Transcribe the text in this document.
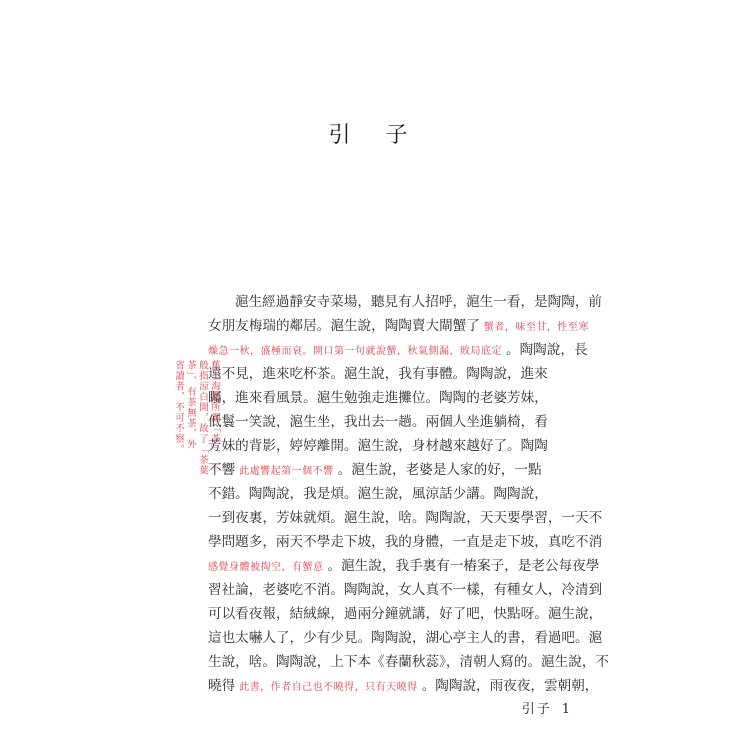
引 子
滬生經過靜安寺菜場，聽見有人招呼，滬生一看，是陶陶，前
女朋友梅瑞的鄰居。滬生說，陶陶賣大閘蟹了 蟹者，味至甘，性至寒
燥急一秋，盛極而衰。開口第一句就說蟹，秋氣側漏，敗局底定 。陶陶說，長
遠不見，進來吃杯茶。滬生說，我有事體。陶陶說，進來
矚，進來看風景。滬生勉強走進攤位。陶陶的老婆芳妹，
低鬟一笑說，滬生坐，我出去一趟。兩個人坐進躺椅，看
芳妹的背影，婷婷離開。滬生說，身材越來越好了。陶陶
不響 此處響起第一個不響 。滬生說，老婆是人家的好，一點
不錯。陶陶說，我是煩。滬生說，風涼話少講。陶陶說，
一到夜裏，芳妹就煩。滬生說，啥。陶陶說，天天要學習，一天不
學問題多，兩天不學走下坡，我的身體，一直是走下坡，真吃不消
感覺身體被掏空，有蟹意 。滬生說，我手裏有一樁案子，是老公每夜學
習社論，老婆吃不消。陶陶說，女人真不一樣，有種女人，冷清到
可以看夜報，結絨線，過兩分鐘就講，好了吧，快點呀。滬生說，
這也太嚇人了，少有少見。陶陶說，湖心亭主人的書，看過吧。滬
生說，啥。陶陶說，上下本《春蘭秋蕊》，清朝人寫的。滬生說，不
曉得 此書，作者自己也不曉得，只有天曉得 。陶陶說，雨夜夜，雲朝朝，
舊上海話所謂「茶」，一
般指涼白開，故了「茶葉
茶」，有茶無茶，外
省讀者，不可不察。
引子 1
